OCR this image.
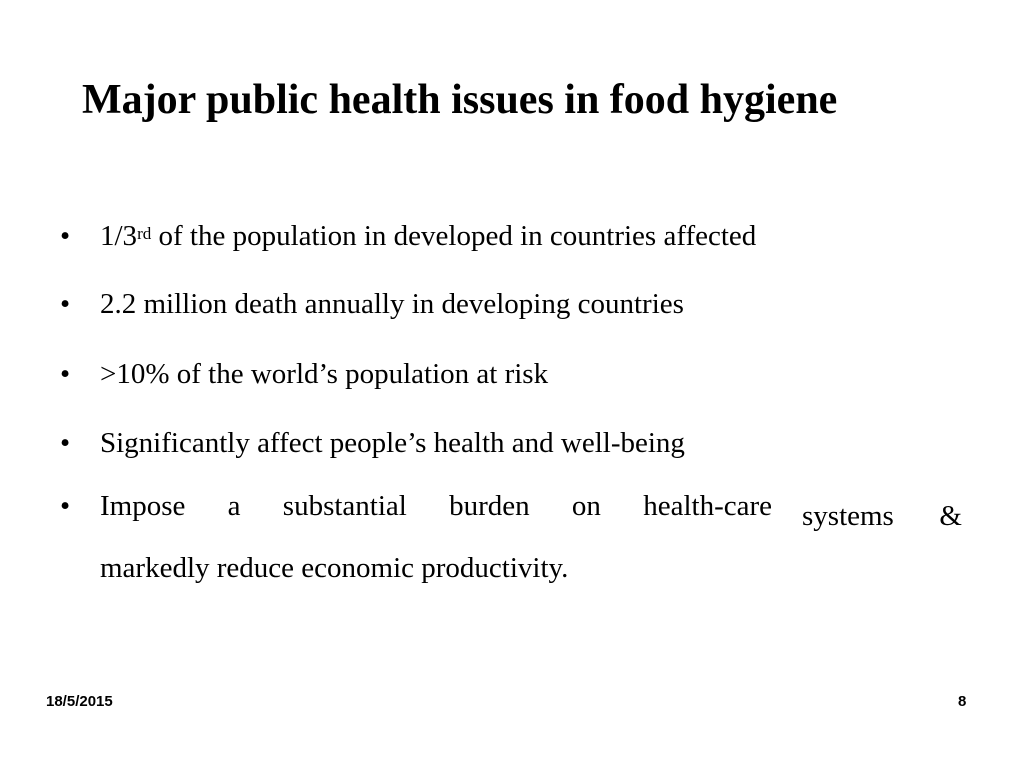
Major public health issues in food hygiene
•	1/3rd of the population in developed in countries affected
•	2.2 million death annually in developing countries
•	>10% of the world’s population at risk
•	Significantly affect people’s health and well-being
•	Impose a substantial burden on health-care systems &
markedly reduce economic productivity.
18/5/2015	8
